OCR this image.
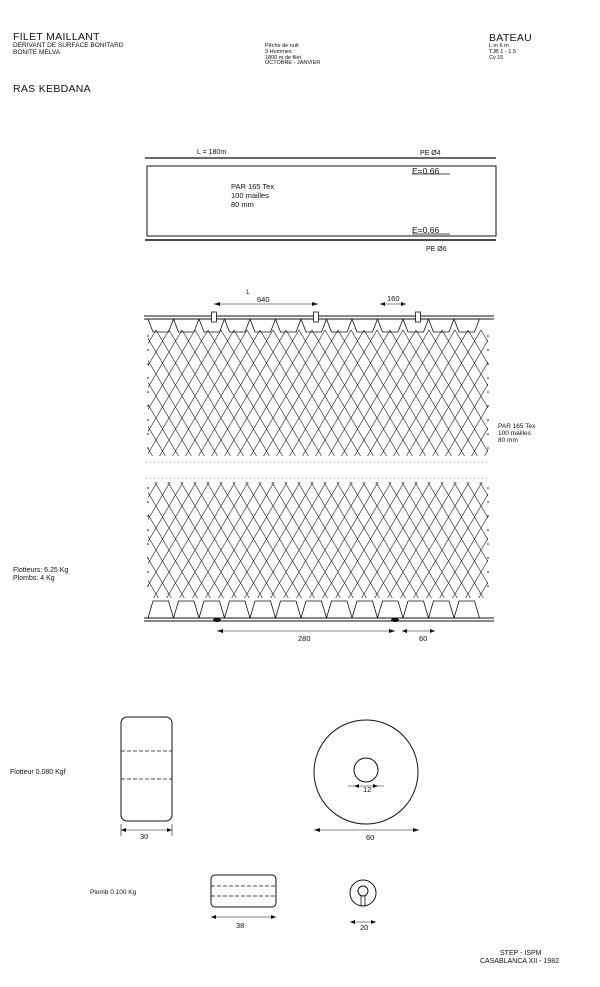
FILET MAILLANT
DERIVANT DE SURFACE BONITARD
BONITE MELVA
RAS KEBDANA
Pêche de nuit
3 Hommes
1800 m de filet
OCTOBRE - JANVIER
BATEAU
L m 6 m
TJB 1 - 1.5
Cv 15
L = 180m	PE Ø4
PE Ø6
E=0.66
E=0.66
PAR 165 Tex
100 mailles
80 mm
1
640	160
PAR 165 Tex
100 mailles
80 mm
280	60
Flotteurs: 6.25 Kg
Plombs: 4 Kg
30
Flotteur 0.080 Kgf
12
60
38
Plomb 0.100 Kg
20
STEP - ISPM
CASABLANCA XII - 1982
